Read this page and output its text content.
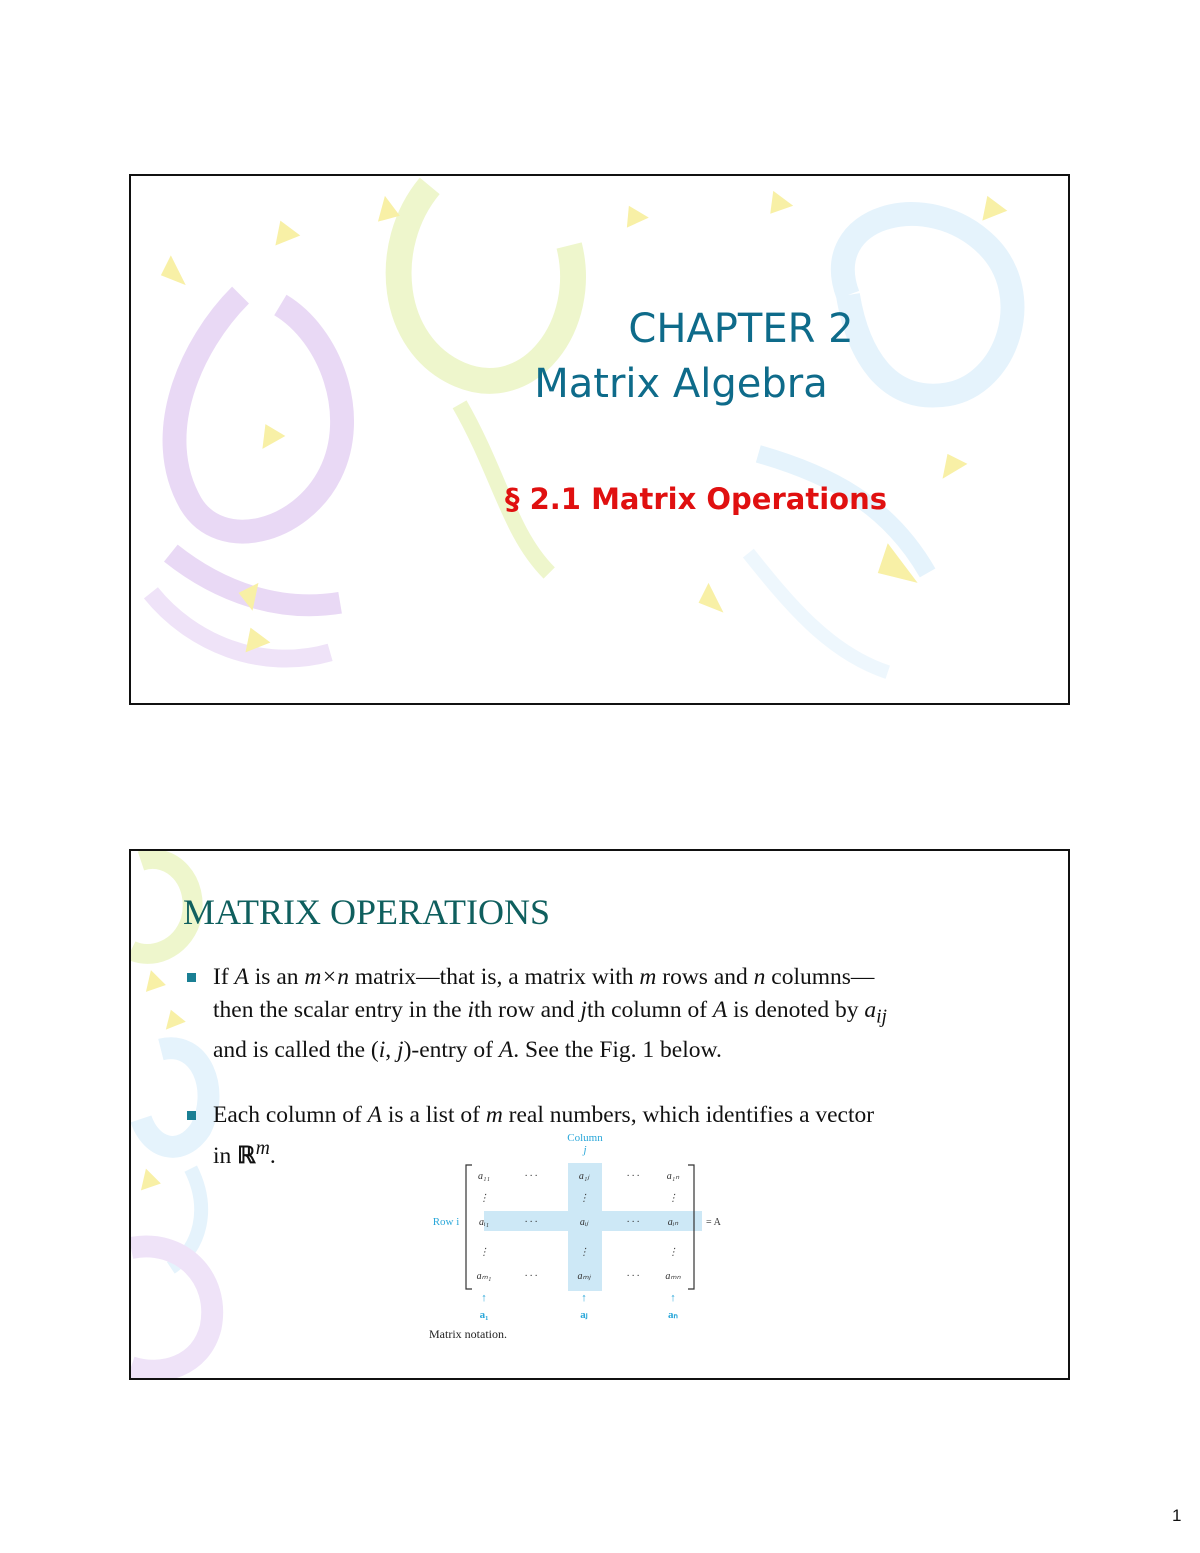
CHAPTER 2
Matrix Algebra
§ 2.1 Matrix Operations
MATRIX OPERATIONS
If A is an m×n matrix—that is, a matrix with m rows and n columns—
then the scalar entry in the ith row and jth column of A is denoted by $a_{ij}$
and is called the (i, j)-entry of A. See the Fig. 1 below.
Each column of A is a list of m real numbers, which identifies a vector
in ℝ$^m$.
a₁₁	· · ·	a₁ⱼ	· · ·	a₁ₙ
⋮	⋮	⋮
aᵢ₁	· · ·	aᵢⱼ	· · ·	aᵢₙ
⋮	⋮	⋮
aₘ₁	· · ·	aₘⱼ	· · ·	aₘₙ
= A
Column
j
Row i
↑	↑	↑
a₁	aⱼ	aₙ
Matrix notation.
1
